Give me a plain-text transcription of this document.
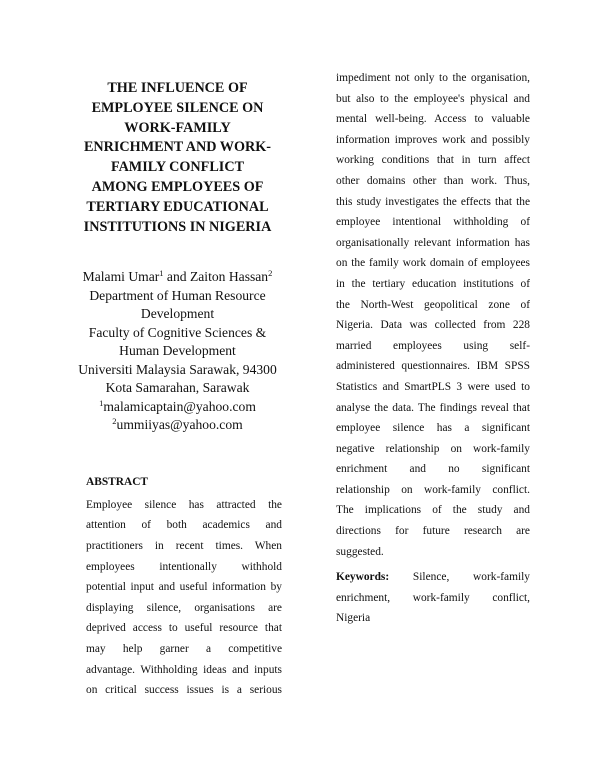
THE INFLUENCE OF
EMPLOYEE SILENCE ON
WORK-FAMILY
ENRICHMENT AND WORK-
FAMILY CONFLICT
AMONG EMPLOYEES OF
TERTIARY EDUCATIONAL
INSTITUTIONS IN NIGERIA
Malami Umar$^1$ and Zaiton Hassan$^2$
Department of Human Resource
Development
Faculty of Cognitive Sciences &
Human Development
Universiti Malaysia Sarawak, 94300
Kota Samarahan, Sarawak
$^1$malamicaptain@yahoo.com
$^2$ummiiyas@yahoo.com
ABSTRACT
Employee silence has attracted the
attention of both academics and
practitioners in recent times. When
employees intentionally withhold
potential input and useful information by
displaying silence, organisations are
deprived access to useful resource that
may help garner a competitive
advantage. Withholding ideas and inputs
on critical success issues is a serious
impediment not only to the organisation,
but also to the employee's physical and
mental well-being. Access to valuable
information improves work and possibly
working conditions that in turn affect
other domains other than work. Thus,
this study investigates the effects that the
employee intentional withholding of
organisationally relevant information has
on the family work domain of employees
in the tertiary education institutions of
the North-West geopolitical zone of
Nigeria. Data was collected from 228
married employees using self-
administered questionnaires. IBM SPSS
Statistics and SmartPLS 3 were used to
analyse the data. The findings reveal that
employee silence has a significant
negative relationship on work-family
enrichment and no significant
relationship on work-family conflict.
The implications of the study and
directions for future research are
suggested.
Keywords: Silence, work-family
enrichment, work-family conflict,
Nigeria
